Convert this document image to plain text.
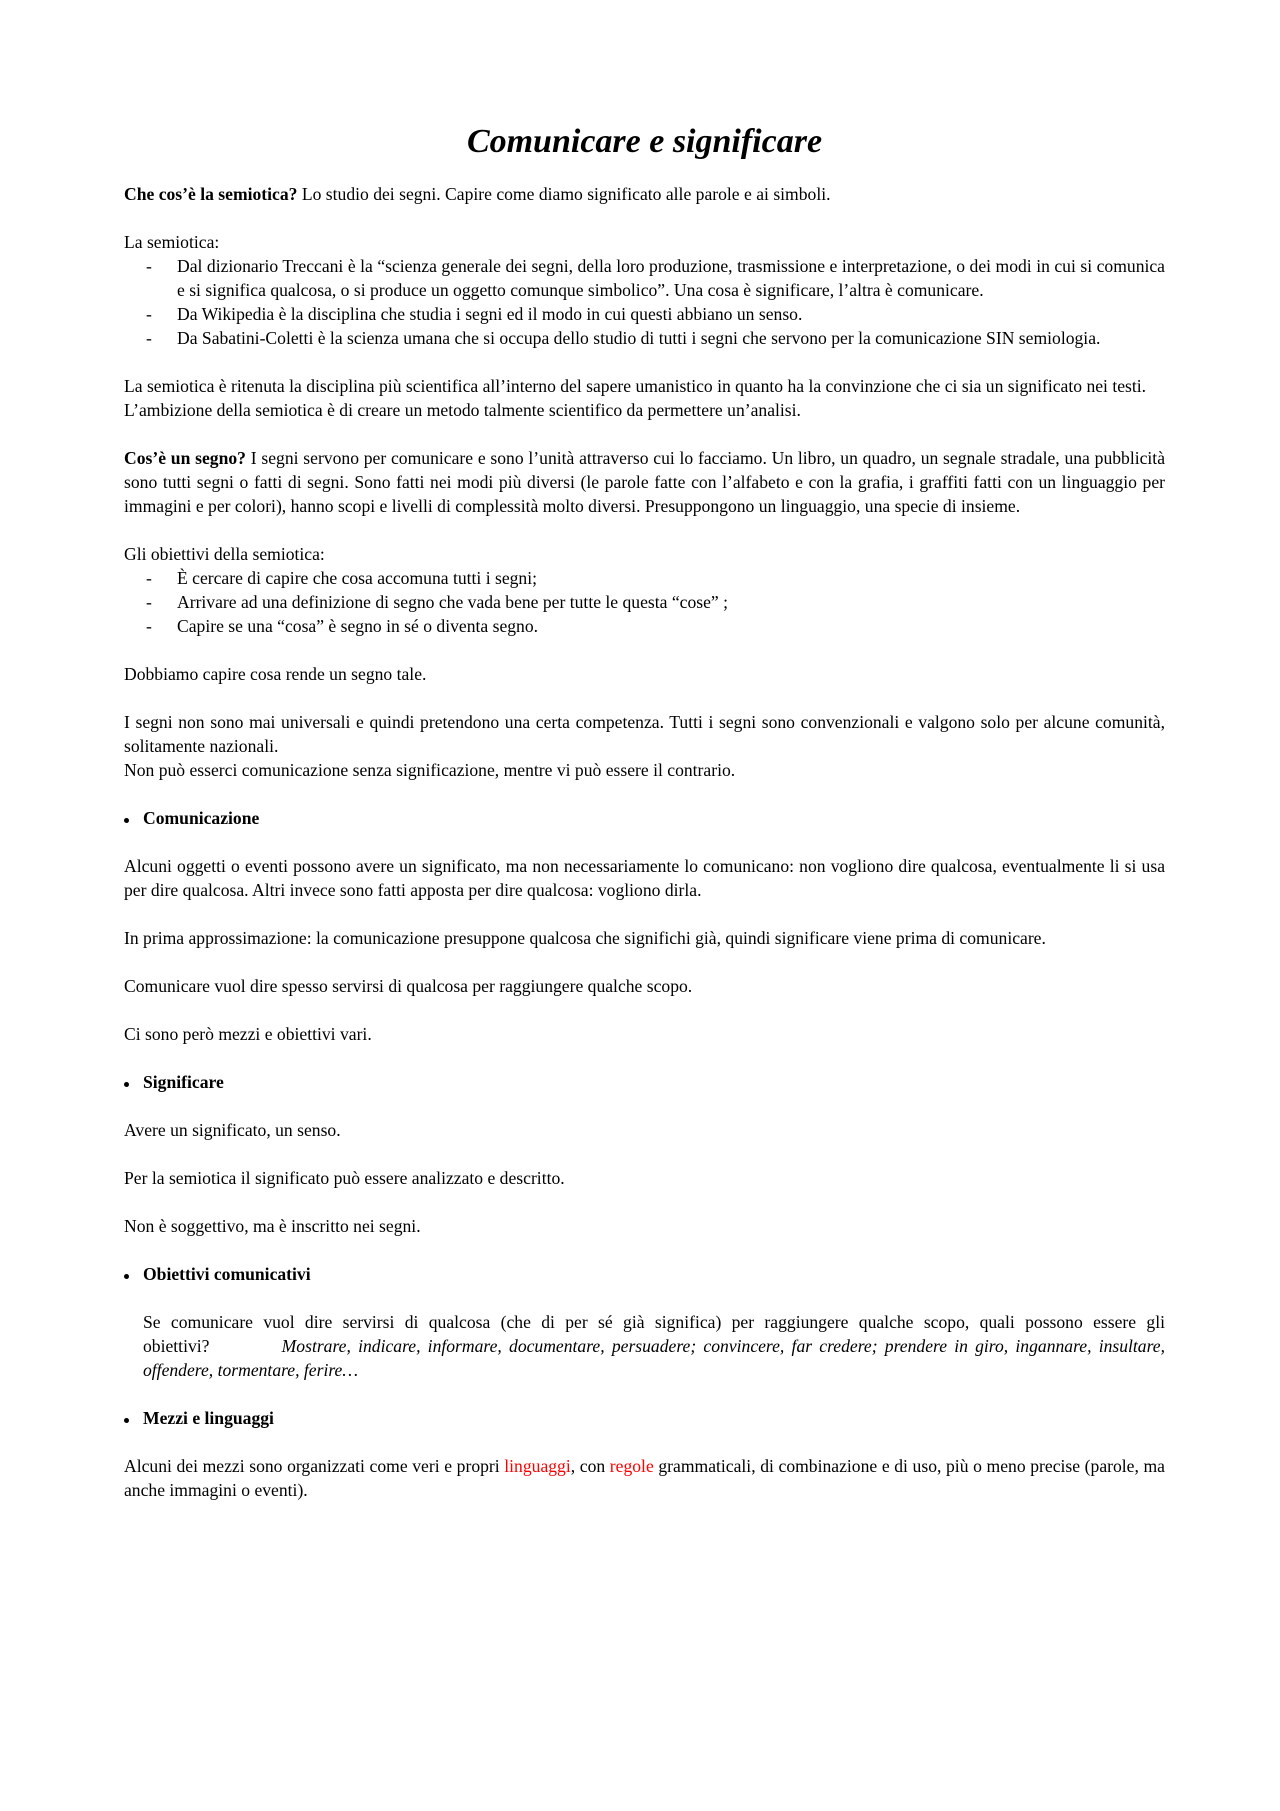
Comunicare e significare

Che cos’è la semiotica? Lo studio dei segni. Capire come diamo significato alle parole e ai simboli.

La semiotica:

- Dal dizionario Treccani è la “scienza generale dei segni, della loro produzione, trasmissione e interpretazione, o dei modi in cui si comunica e si significa qualcosa, o si produce un oggetto comunque simbolico”. Una cosa è significare, l’altra è comunicare.
- Da Wikipedia è la disciplina che studia i segni ed il modo in cui questi abbiano un senso.
- Da Sabatini-Coletti è la scienza umana che si occupa dello studio di tutti i segni che servono per la comunicazione SIN semiologia.

La semiotica è ritenuta la disciplina più scientifica all’interno del sapere umanistico in quanto ha la convinzione che ci sia un significato nei testi.

L’ambizione della semiotica è di creare un metodo talmente scientifico da permettere un’analisi.

Cos’è un segno? I segni servono per comunicare e sono l’unità attraverso cui lo facciamo. Un libro, un quadro, un segnale stradale, una pubblicità sono tutti segni o fatti di segni. Sono fatti nei modi più diversi (le parole fatte con l’alfabeto e con la grafia, i graffiti fatti con un linguaggio per immagini e per colori), hanno scopi e livelli di complessità molto diversi. Presuppongono un linguaggio, una specie di insieme.

Gli obiettivi della semiotica:

- È cercare di capire che cosa accomuna tutti i segni;
- Arrivare ad una definizione di segno che vada bene per tutte le questa “cose” ;
- Capire se una “cosa” è segno in sé o diventa segno.

Dobbiamo capire cosa rende un segno tale.

I segni non sono mai universali e quindi pretendono una certa competenza. Tutti i segni sono convenzionali e valgono solo per alcune comunità, solitamente nazionali.

Non può esserci comunicazione senza significazione, mentre vi può essere il contrario.

Comunicazione

Alcuni oggetti o eventi possono avere un significato, ma non necessariamente lo comunicano: non vogliono dire qualcosa, eventualmente li si usa per dire qualcosa. Altri invece sono fatti apposta per dire qualcosa: vogliono dirla.

In prima approssimazione: la comunicazione presuppone qualcosa che significhi già, quindi significare viene prima di comunicare.

Comunicare vuol dire spesso servirsi di qualcosa per raggiungere qualche scopo.

Ci sono però mezzi e obiettivi vari.

Significare

Avere un significato, un senso.

Per la semiotica il significato può essere analizzato e descritto.

Non è soggettivo, ma è inscritto nei segni.

Obiettivi comunicativi

Se comunicare vuol dire servirsi di qualcosa (che di per sé già significa) per raggiungere qualche scopo, quali possono essere gli obiettivi?	Mostrare, indicare, informare, documentare, persuadere; convincere, far credere; prendere in giro, ingannare, insultare, offendere, tormentare, ferire…

Mezzi e linguaggi

Alcuni dei mezzi sono organizzati come veri e propri linguaggi, con regole grammaticali, di combinazione e di uso, più o meno precise (parole, ma anche immagini o eventi).
